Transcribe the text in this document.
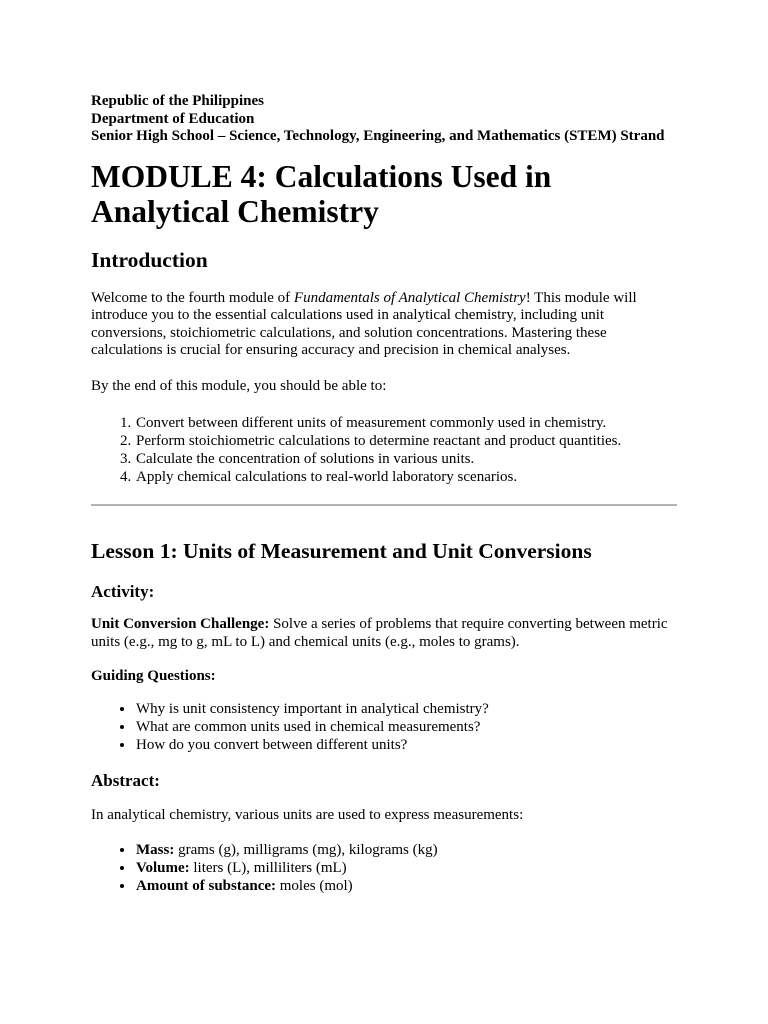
Republic of the Philippines
Department of Education
Senior High School – Science, Technology, Engineering, and Mathematics (STEM) Strand
MODULE 4: Calculations Used in Analytical Chemistry
Introduction

Welcome to the fourth module of Fundamentals of Analytical Chemistry! This module will introduce you to the essential calculations used in analytical chemistry, including unit conversions, stoichiometric calculations, and solution concentrations. Mastering these calculations is crucial for ensuring accuracy and precision in chemical analyses.

By the end of this module, you should be able to:

1. Convert between different units of measurement commonly used in chemistry.
2. Perform stoichiometric calculations to determine reactant and product quantities.
3. Calculate the concentration of solutions in various units.
4. Apply chemical calculations to real-world laboratory scenarios.
Lesson 1: Units of Measurement and Unit Conversions
Activity:

Unit Conversion Challenge: Solve a series of problems that require converting between metric units (e.g., mg to g, mL to L) and chemical units (e.g., moles to grams).

Guiding Questions:

• Why is unit consistency important in analytical chemistry?
• What are common units used in chemical measurements?
• How do you convert between different units?
Abstract:

In analytical chemistry, various units are used to express measurements:

• Mass: grams (g), milligrams (mg), kilograms (kg)
• Volume: liters (L), milliliters (mL)
• Amount of substance: moles (mol)
